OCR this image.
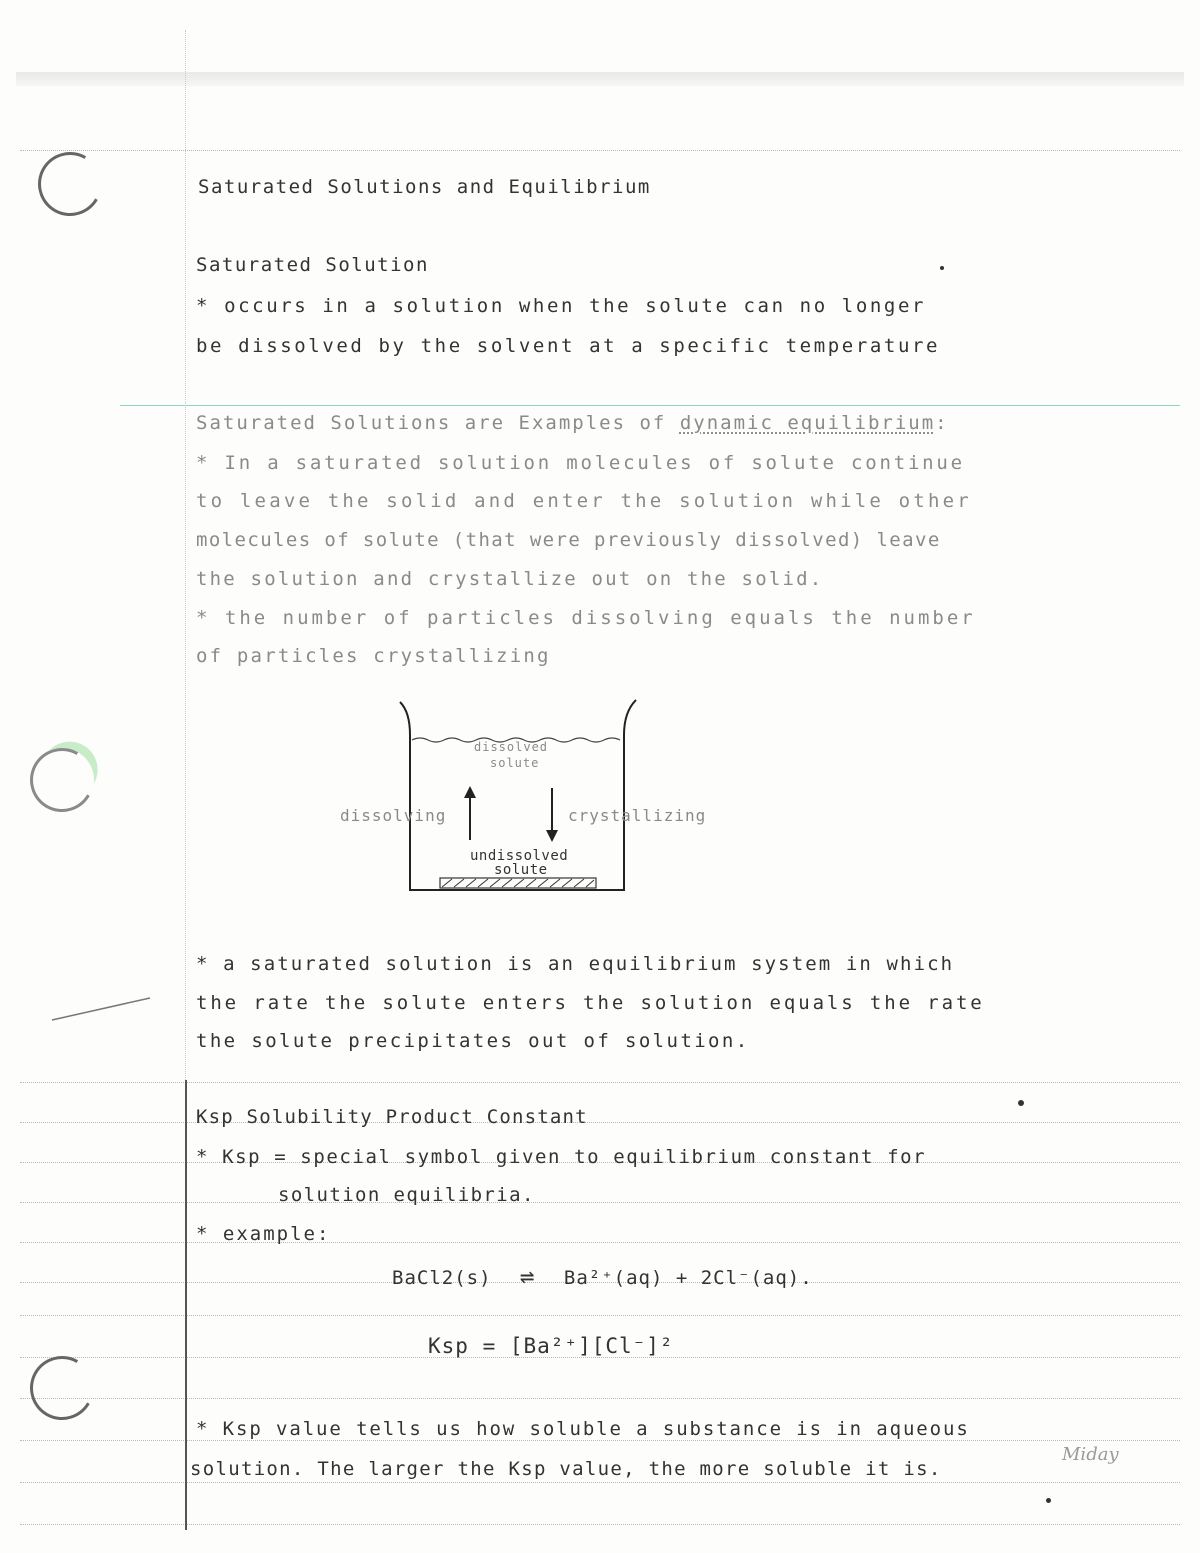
Saturated Solutions and Equilibrium
Saturated Solution
* occurs in a solution when the solute can no longer
be dissolved by the solvent at a specific temperature
Saturated Solutions are Examples of dynamic equilibrium:
* In a saturated solution molecules of solute continue
to leave the solid and enter the solution while other
molecules of solute (that were previously dissolved) leave
the solution and crystallize out on the solid.
* the number of particles dissolving equals the number
of particles crystallizing
dissolved
solute
dissolving	crystallizing
undissolved
solute
* a saturated solution is an equilibrium system in which
the rate the solute enters the solution equals the rate
the solute precipitates out of solution.
Ksp Solubility Product Constant
* Ksp = special symbol given to equilibrium constant for
solution equilibria.
* example:
BaCl2(s) ⇌ Ba²⁺(aq) + 2Cl⁻(aq).
Ksp = [Ba²⁺][Cl⁻]²
* Ksp value tells us how soluble a substance is in aqueous
solution. The larger the Ksp value, the more soluble it is.
Miday
